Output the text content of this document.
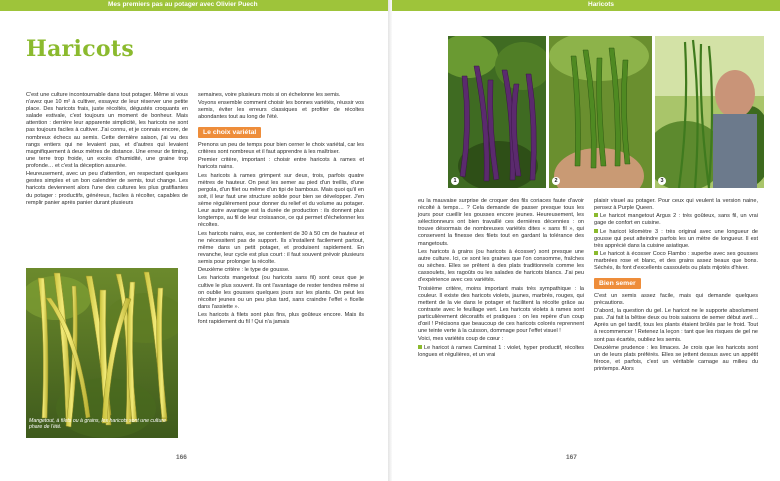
Mes premiers pas au potager avec Olivier Puech
Haricots

C'est une culture incontournable dans tout potager. Même si vous n'avez que 10 m² à cultiver, essayez de leur réserver une petite place. Des haricots frais, juste récoltés, dégustés croquants en salade estivale, c'est toujours un moment de bonheur. Mais attention : derrière leur apparente simplicité, les haricots ne sont pas toujours faciles à cultiver. J'ai connu, et je connais encore, de nombreux échecs au semis. Cette dernière saison, j'ai vu des rangs entiers qui ne levaient pas, et d'autres qui levaient magnifiquement à deux mètres de distance. Une erreur de timing, une terre trop froide, un excès d'humidité, une graine trop profonde… et c'est la déception assurée.

Heureusement, avec un peu d'attention, en respectant quelques gestes simples et un bon calendrier de semis, tout change. Les haricots deviennent alors l'une des cultures les plus gratifiantes du potager : productifs, généreux, faciles à récolter, capables de remplir panier après panier durant plusieurs

Mangetout, à filets ou à grains, les haricots sont une culture phare de l'été.

semaines, voire plusieurs mois si on échelonne les semis.

Voyons ensemble comment choisir les bonnes variétés, réussir vos semis, éviter les erreurs classiques et profiter de récoltes abondantes tout au long de l'été.

Le choix variétal

Prenons un peu de temps pour bien cerner le choix variétal, car les critères sont nombreux et il faut apprendre à les maîtriser.

Premier critère, important : choisir entre haricots à rames et haricots nains.

Les haricots à rames grimpent sur deux, trois, parfois quatre mètres de hauteur. On peut les semer au pied d'un treillis, d'une pergola, d'un filet ou même d'un tipi de bambous. Mais quoi qu'il en soit, il leur faut une structure solide pour bien se développer. J'en sème régulièrement pour donner du relief et du volume au potager. Leur autre avantage est la durée de production : ils donnent plus longtemps, au fil de leur croissance, ce qui permet d'échelonner les récoltes.

Les haricots nains, eux, se contentent de 30 à 50 cm de hauteur et ne nécessitent pas de support. Ils s'installent facilement partout, même dans un petit potager, et produisent rapidement. En revanche, leur cycle est plus court : il faut souvent prévoir plusieurs semis pour prolonger la récolte.

Deuxième critère : le type de gousse.

Les haricots mangetout (ou haricots sans fil) sont ceux que je cultive le plus souvent. Ils ont l'avantage de rester tendres même si on oublie les gousses quelques jours sur les plants. On peut les récolter jeunes ou un peu plus tard, sans craindre l'effet « ficelle dans l'assiette ».

Les haricots à filets sont plus fins, plus goûteux encore. Mais ils font rapidement du fil ! Qui n'a jamais

166
Haricots
1	2	3

eu la mauvaise surprise de croquer des fils coriaces faute d'avoir récolté à temps… ? Cela demande de passer presque tous les jours pour cueillir les gousses encore jeunes. Heureusement, les sélectionneurs ont bien travaillé ces dernières décennies : on trouve désormais de nombreuses variétés dites « sans fil », qui conservent la finesse des filets tout en gardant la tolérance des mangetouts.

Les haricots à grains (ou haricots à écosser) sont presque une autre culture. Ici, ce sont les graines que l'on consomme, fraîches ou sèches. Elles se prêtent à des plats traditionnels comme les cassoulets, les ragoûts ou les salades de haricots blancs. J'ai peu d'expérience avec ces variétés.

Troisième critère, moins important mais très sympathique : la couleur. Il existe des haricots violets, jaunes, marbrés, rouges, qui mettent de la vie dans le potager et facilitent la récolte grâce au contraste avec le feuillage vert. Les haricots violets à rames sont particulièrement décoratifs et pratiques : on les repère d'un coup d'œil ! Précisons que beaucoup de ces haricots colorés reprennent une teinte verte à la cuisson, dommage pour l'effet visuel !

Voici, mes variétés coup de cœur :

Le haricot à rames Carminat 1 : violet, hyper productif, récoltes longues et régulières, et un vrai

plaisir visuel au potager. Pour ceux qui veulent la version naine, pensez à Purple Queen.

Le haricot mangetout Argus 2 : très goûteux, sans fil, un vrai gage de confort en cuisine.

Le haricot kilomètre 3 : très original avec une longueur de gousse qui peut atteindre parfois les un mètre de longueur. Il est très apprécié dans la cuisine asiatique.

Le haricot à écosser Coco Flambo : superbe avec ses gousses marbrées rose et blanc, et des grains assez beaux que bons. Séchés, ils font d'excellents cassoulets ou plats mijotés d'hiver.

Bien semer

C'est un semis assez facile, mais qui demande quelques précautions.

D'abord, la question du gel. Le haricot ne le supporte absolument pas. J'ai fait la bêtise deux ou trois saisons de semer début avril… Après un gel tardif, tous les plants étaient brûlés par le froid. Tout à recommencer ! Retenez la leçon : tant que les risques de gel ne sont pas écartés, oubliez les semis.

Deuxième prudence : les limaces. Je crois que les haricots sont un de leurs plats préférés. Elles se jettent dessus avec un appétit féroce, et parfois, c'est un véritable carnage au milieu du printemps. Alors

167
